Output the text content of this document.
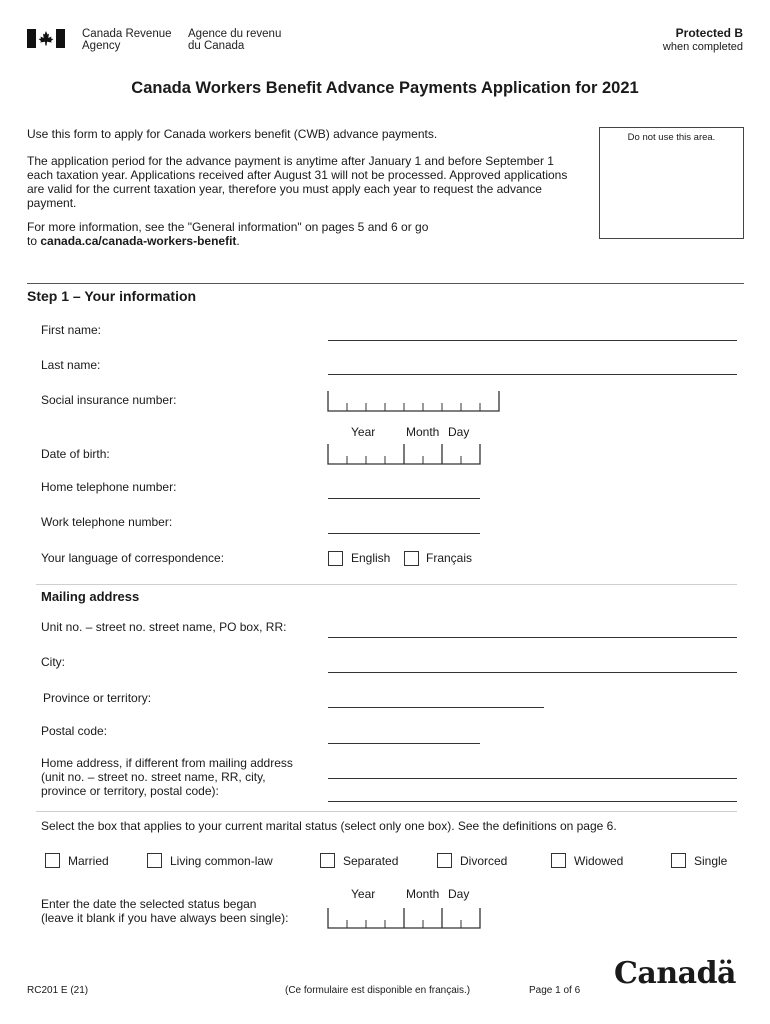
Canada Revenue
Agency
Agence du revenu
du Canada
Protected B
when completed
Canada Workers Benefit Advance Payments Application for 2021
Use this form to apply for Canada workers benefit (CWB) advance payments.
The application period for the advance payment is anytime after January 1 and before September 1
each taxation year. Applications received after August 31 will not be processed. Approved applications
are valid for the current taxation year, therefore you must apply each year to request the advance
payment.
For more information, see the "General information" on pages 5 and 6 or go
to canada.ca/canada-workers-benefit.
Do not use this area.
Step 1 – Your information
First name:
Last name:
Social insurance number:
Year	Month Day
Date of birth:
Home telephone number:
Work telephone number:
Your language of correspondence:	English	Français
Mailing address
Unit no. – street no. street name, PO box, RR:
City:
Province or territory:
Postal code:
Home address, if different from mailing address
(unit no. – street no. street name, RR, city,
province or territory, postal code):
Select the box that applies to your current marital status (select only one box). See the definitions on page 6.
Married	Living common-law	Separated	Divorced	Widowed	Single
Year	Month Day
Enter the date the selected status began
(leave it blank if you have always been single):
RC201 E (21)	(Ce formulaire est disponible en français.)	Page 1 of 6 Canadä
